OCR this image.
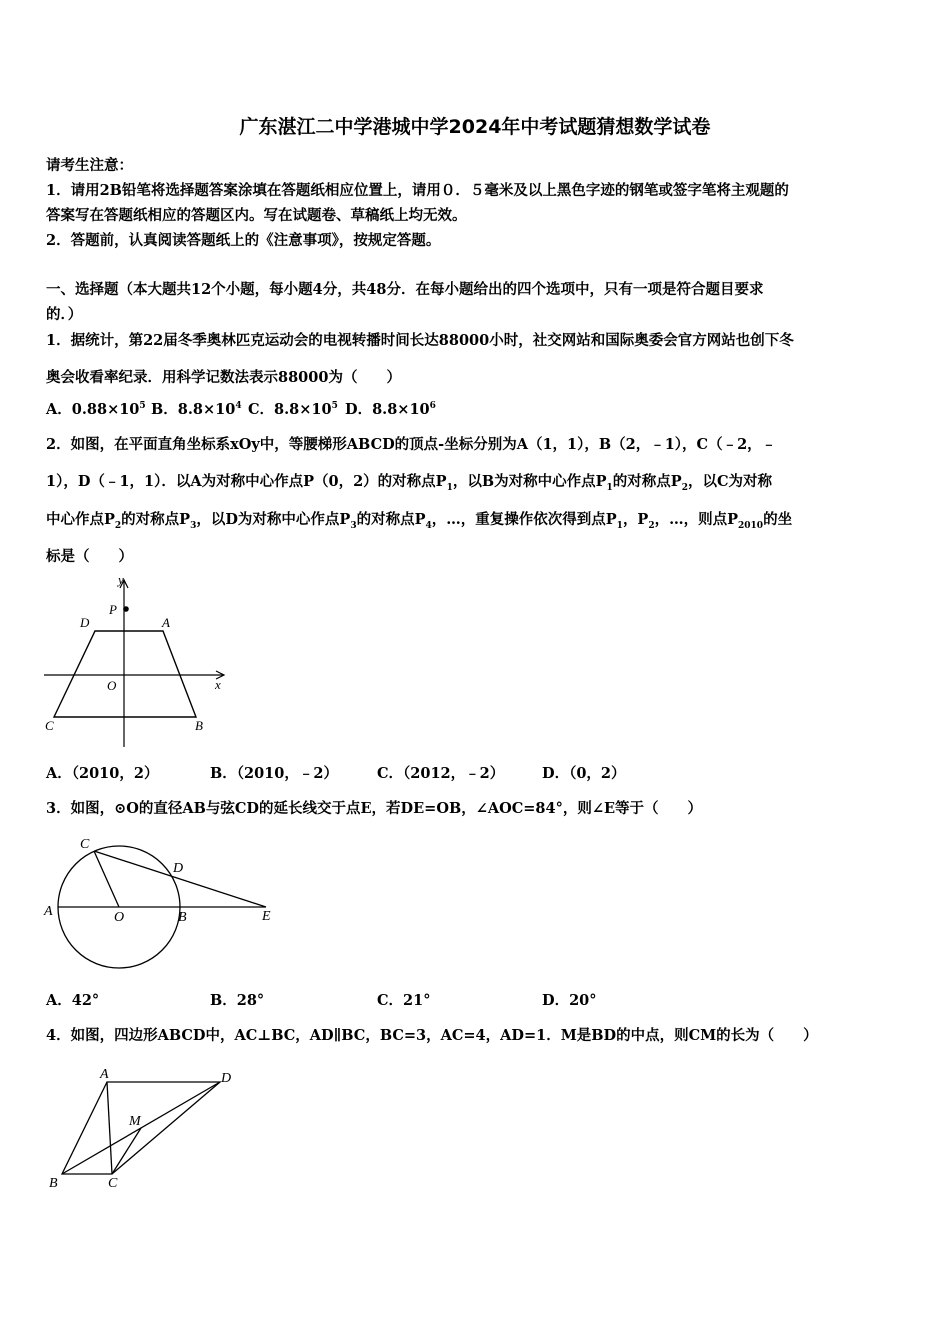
广东湛江二中学港城中学2024年中考试题猜想数学试卷
请考生注意：
1．请用2B铅笔将选择题答案涂填在答题纸相应位置上，请用０．５毫米及以上黑色字迹的钢笔或签字笔将主观题的
答案写在答题纸相应的答题区内。写在试题卷、草稿纸上均无效。
2．答题前，认真阅读答题纸上的《注意事项》，按规定答题。
一、选择题（本大题共12个小题，每小题4分，共48分．在每小题给出的四个选项中，只有一项是符合题目要求
的．）
1．据统计，第22届冬季奥林匹克运动会的电视转播时间长达88000小时，社交网站和国际奥委会官方网站也创下冬
奥会收看率纪录．用科学记数法表示88000为（　　）
A．$0.88\times 10^5$ B．$8.8\times 10^4$ C．$8.8\times 10^5$ D．$8.8\times 10^6$
2．如图，在平面直角坐标系xOy中，等腰梯形ABCD的顶点-坐标分别为A（1，1），B（2，﹣1），C（﹣2，﹣
1），D（﹣1，1）．以A为对称中心作点P（0，2）的对称点$P_1$，以B为对称中心作点$P_1$的对称点$P_2$，以C为对称
中心作点$P_2$的对称点$P_3$，以D为对称中心作点$P_3$的对称点$P_4$，…，重复操作依次得到点$P_1$，$P_2$，…，则点$P_{2010}$的坐
标是（　　）
y
x
P
D	A
O
C	B
A．（2010，2）	B．（2010，﹣2）	C．（2012，﹣2）	D．（0，2）
3．如图，⊙O的直径AB与弦CD的延长线交于点E，若DE=OB，∠AOC=84°，则∠E等于（　　）
C
D
A	O	B	E
A．42°	B．28°	C．21°	D．20°
4．如图，四边形ABCD中，AC⊥BC，AD∥BC，BC=3，AC=4，AD=1．M是BD的中点，则CM的长为（　　）
A	D
M
B	C
